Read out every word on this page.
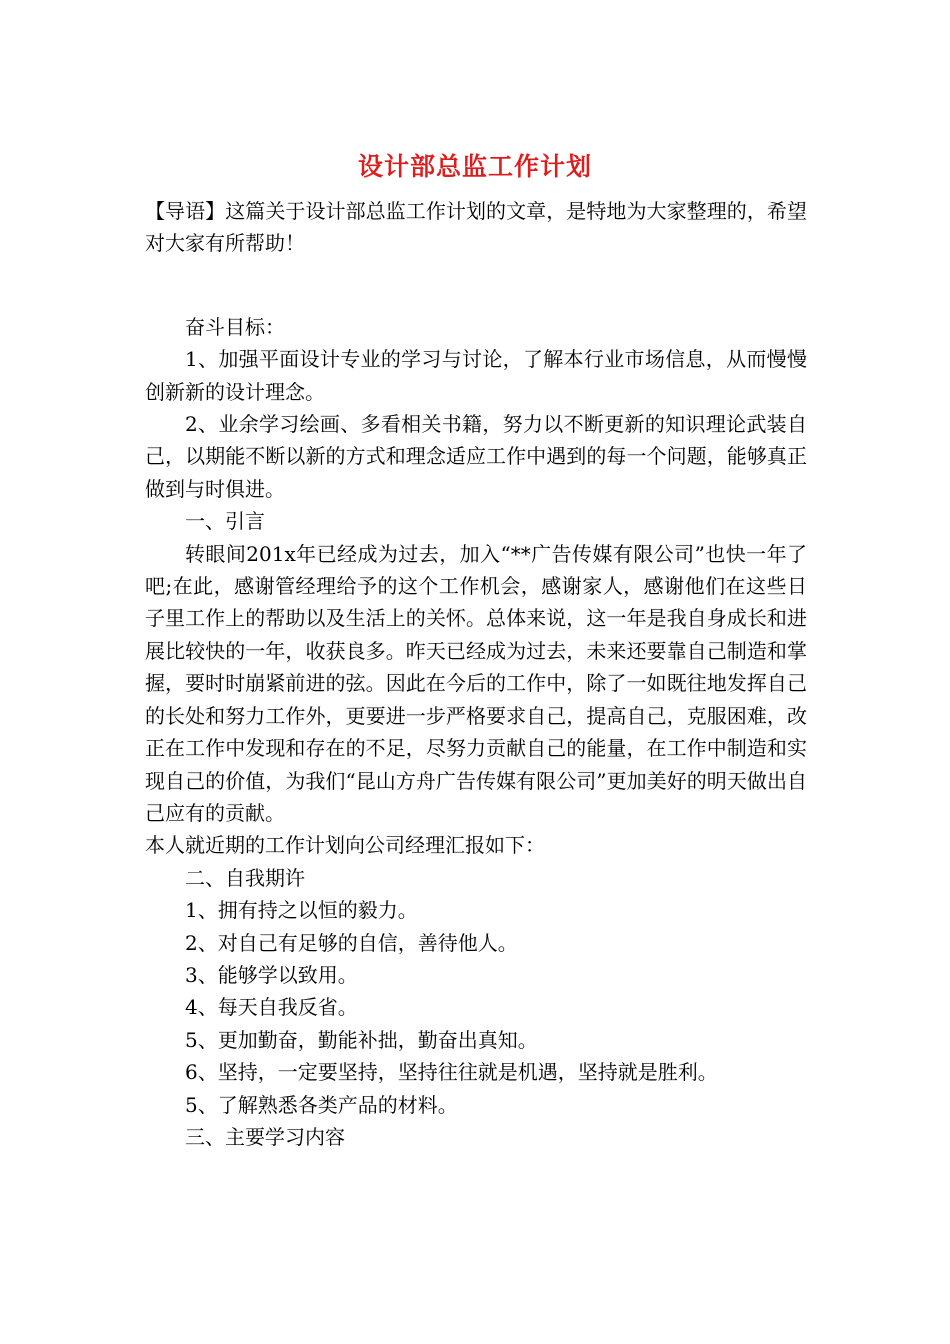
设计部总监工作计划

【导语】这篇关于设计部总监工作计划的文章，是特地为大家整理的，希望对大家有所帮助！

奋斗目标：

1、加强平面设计专业的学习与讨论，了解本行业市场信息，从而慢慢创新新的设计理念。

2、业余学习绘画、多看相关书籍，努力以不断更新的知识理论武装自己，以期能不断以新的方式和理念适应工作中遇到的每一个问题，能够真正做到与时俱进。

一、引言

转眼间201x年已经成为过去，加入“**广告传媒有限公司”也快一年了吧;在此，感谢管经理给予的这个工作机会，感谢家人，感谢他们在这些日子里工作上的帮助以及生活上的关怀。总体来说，这一年是我自身成长和进展比较快的一年，收获良多。昨天已经成为过去，未来还要靠自己制造和掌握，要时时崩紧前进的弦。因此在今后的工作中，除了一如既往地发挥自己的长处和努力工作外，更要进一步严格要求自己，提高自己，克服困难，改正在工作中发现和存在的不足，尽努力贡献自己的能量，在工作中制造和实现自己的价值，为我们“昆山方舟广告传媒有限公司”更加美好的明天做出自己应有的贡献。

本人就近期的工作计划向公司经理汇报如下：

二、自我期许

1、拥有持之以恒的毅力。

2、对自己有足够的自信，善待他人。

3、能够学以致用。

4、每天自我反省。

5、更加勤奋，勤能补拙，勤奋出真知。

6、坚持，一定要坚持，坚持往往就是机遇，坚持就是胜利。

5、了解熟悉各类产品的材料。

三、主要学习内容
